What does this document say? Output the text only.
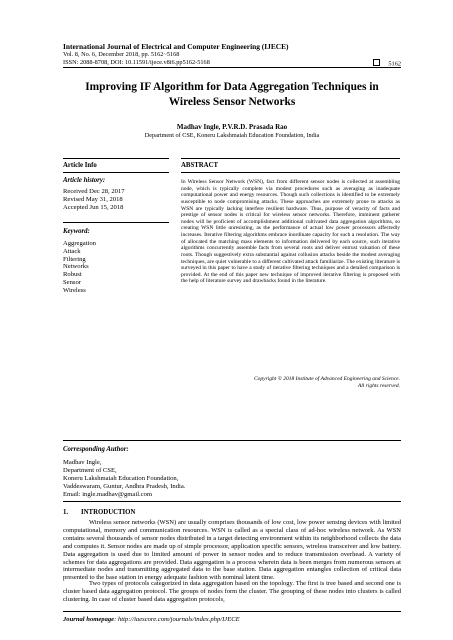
International Journal of Electrical and Computer Engineering (IJECE)
Vol. 8, No. 6, December 2018, pp. 5162~5168
ISSN: 2088-8708, DOI: 10.11591/ijece.v8i6.pp5162-5168	5162
Improving IF Algorithm for Data Aggregation Techniques in
Wireless Sensor Networks
Madhav Ingle, P.V.R.D. Prasada Rao
Department of CSE, Koneru Lakshmaiah Education Foundation, India
Article Info	ABSTRACT
Article history:
Received Dec 28, 2017
Revised May 31, 2018
Accepted Jun 15, 2018
Keyword:
Aggregation
Attack
Filtering
Networks
Robust
Sensor
Wireless
In Wireless Sensor Network (WSN), fact from different sensor nodes is collected at assembling node, which is typically complete via modest procedures such as averaging as inadequate computational power and energy resources. Though such collections is identified to be extremely susceptible to node compromising attacks. These approaches are extremely prone to attacks as WSN are typically lacking interfere resilient hardware. Thus, purpose of veracity of facts and prestige of sensor nodes is critical for wireless sensor networks. Therefore, imminent gatherer nodes will be proficient of accomplishment additional cultivated data aggregation algorithms, so creating WSN little unresisting, as the performance of actual low power processors affectedly increases. Iterative filtering algorithms embrace inordinate capacity for such a resolution. The way of allocated the matching mass elements to information delivered by each source, such iterative algorithms concurrently assemble facts from several roots and deliver entrust valuation of these roots. Though suggestively extra substantial against collusion attacks beside the modest averaging techniques, are quiet vulnerable to a different cultivated attack familiarize. The existing literature is surveyed in this paper to have a study of iterative filtering techniques and a detailed comparison is provided. At the end of this paper new technique of improved iterative filtering is proposed with the help of literature survey and drawbacks found in the literature.
Copyright © 2018 Institute of Advanced Engineering and Science.
All rights reserved.
Corresponding Author:
Madhav Ingle,
Department of CSE,
Koneru Lakshmaiah Education Foundation,
Vaddeswaram, Guntur, Andhra Pradesh, India.
Email: ingle.madhav@gmail.com
1. INTRODUCTION

Wireless sensor networks (WSN) are usually comprises thousands of low cost, low power sensing devices with limited computational, memory and communication resources. WSN is called as a special class of ad-hoc wireless network. As WSN contains several thousands of sensor nodes distributed in a target detecting environment within its neighborhood collects the data and computes it. Sensor nodes are made up of simple processor, application specific sensors, wireless transceiver and low battery. Data aggregation is used due to limited amount of power in sensor nodes and to reduce transmission overhead. A variety of schemes for data aggregations are provided. Data aggregation is a process wherein data is been merges from numerous sensors at intermediate nodes and transmitting aggregated data to the base station. Data aggregation entangles collection of critical data presented to the base station in energy adequate fashion with nominal latent time.

Two types of protocols categorized in data aggregation based on the topology. The first is tree based and second one is cluster based data aggregation protocol. The groups of nodes form the cluster. The grouping of these nodes into clusters is called clustering. In case of cluster based data aggregation protocols,

Journal homepage: http://iaescore.com/journals/index.php/IJECE
